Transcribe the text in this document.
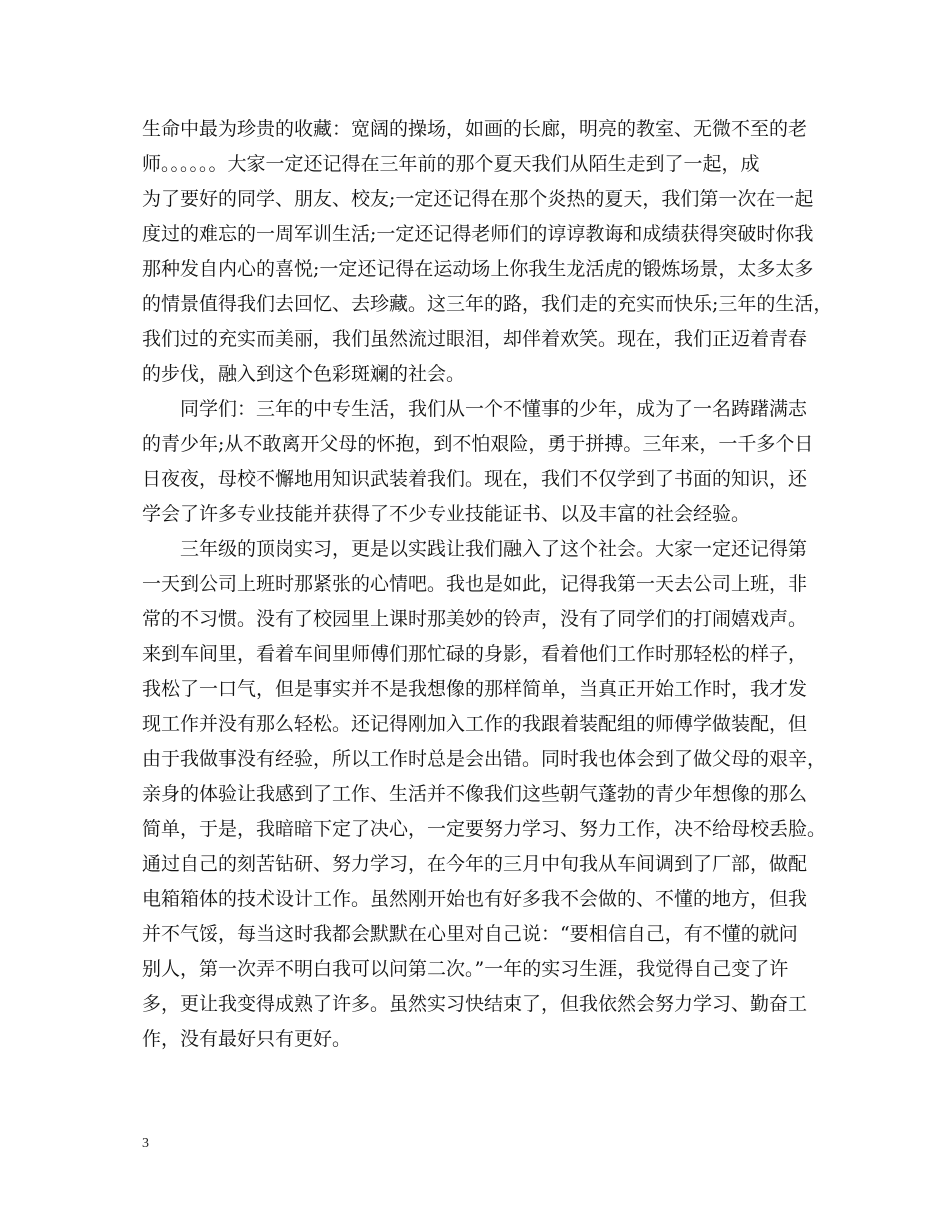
生命中最为珍贵的收藏：宽阔的操场，如画的长廊，明亮的教室、无微不至的老
师。。。。。。大家一定还记得在三年前的那个夏天我们从陌生走到了一起，成
为了要好的同学、朋友、校友;一定还记得在那个炎热的夏天，我们第一次在一起
度过的难忘的一周军训生活;一定还记得老师们的谆谆教诲和成绩获得突破时你我
那种发自内心的喜悦;一定还记得在运动场上你我生龙活虎的锻炼场景，太多太多
的情景值得我们去回忆、去珍藏。这三年的路，我们走的充实而快乐;三年的生活，
我们过的充实而美丽，我们虽然流过眼泪，却伴着欢笑。现在，我们正迈着青春
的步伐，融入到这个色彩斑斓的社会。
　　同学们：三年的中专生活，我们从一个不懂事的少年，成为了一名踌躇满志
的青少年;从不敢离开父母的怀抱，到不怕艰险，勇于拼搏。三年来，一千多个日
日夜夜，母校不懈地用知识武装着我们。现在，我们不仅学到了书面的知识，还
学会了许多专业技能并获得了不少专业技能证书、以及丰富的社会经验。
　　三年级的顶岗实习，更是以实践让我们融入了这个社会。大家一定还记得第
一天到公司上班时那紧张的心情吧。我也是如此，记得我第一天去公司上班，非
常的不习惯。没有了校园里上课时那美妙的铃声，没有了同学们的打闹嬉戏声。
来到车间里，看着车间里师傅们那忙碌的身影，看着他们工作时那轻松的样子，
我松了一口气，但是事实并不是我想像的那样简单，当真正开始工作时，我才发
现工作并没有那么轻松。还记得刚加入工作的我跟着装配组的师傅学做装配，但
由于我做事没有经验，所以工作时总是会出错。同时我也体会到了做父母的艰辛，
亲身的体验让我感到了工作、生活并不像我们这些朝气蓬勃的青少年想像的那么
简单，于是，我暗暗下定了决心，一定要努力学习、努力工作，决不给母校丢脸。
通过自己的刻苦钻研、努力学习，在今年的三月中旬我从车间调到了厂部，做配
电箱箱体的技术设计工作。虽然刚开始也有好多我不会做的、不懂的地方，但我
并不气馁，每当这时我都会默默在心里对自己说：“要相信自己，有不懂的就问
别人，第一次弄不明白我可以问第二次。”一年的实习生涯，我觉得自己变了许
多，更让我变得成熟了许多。虽然实习快结束了，但我依然会努力学习、勤奋工
作，没有最好只有更好。
3
